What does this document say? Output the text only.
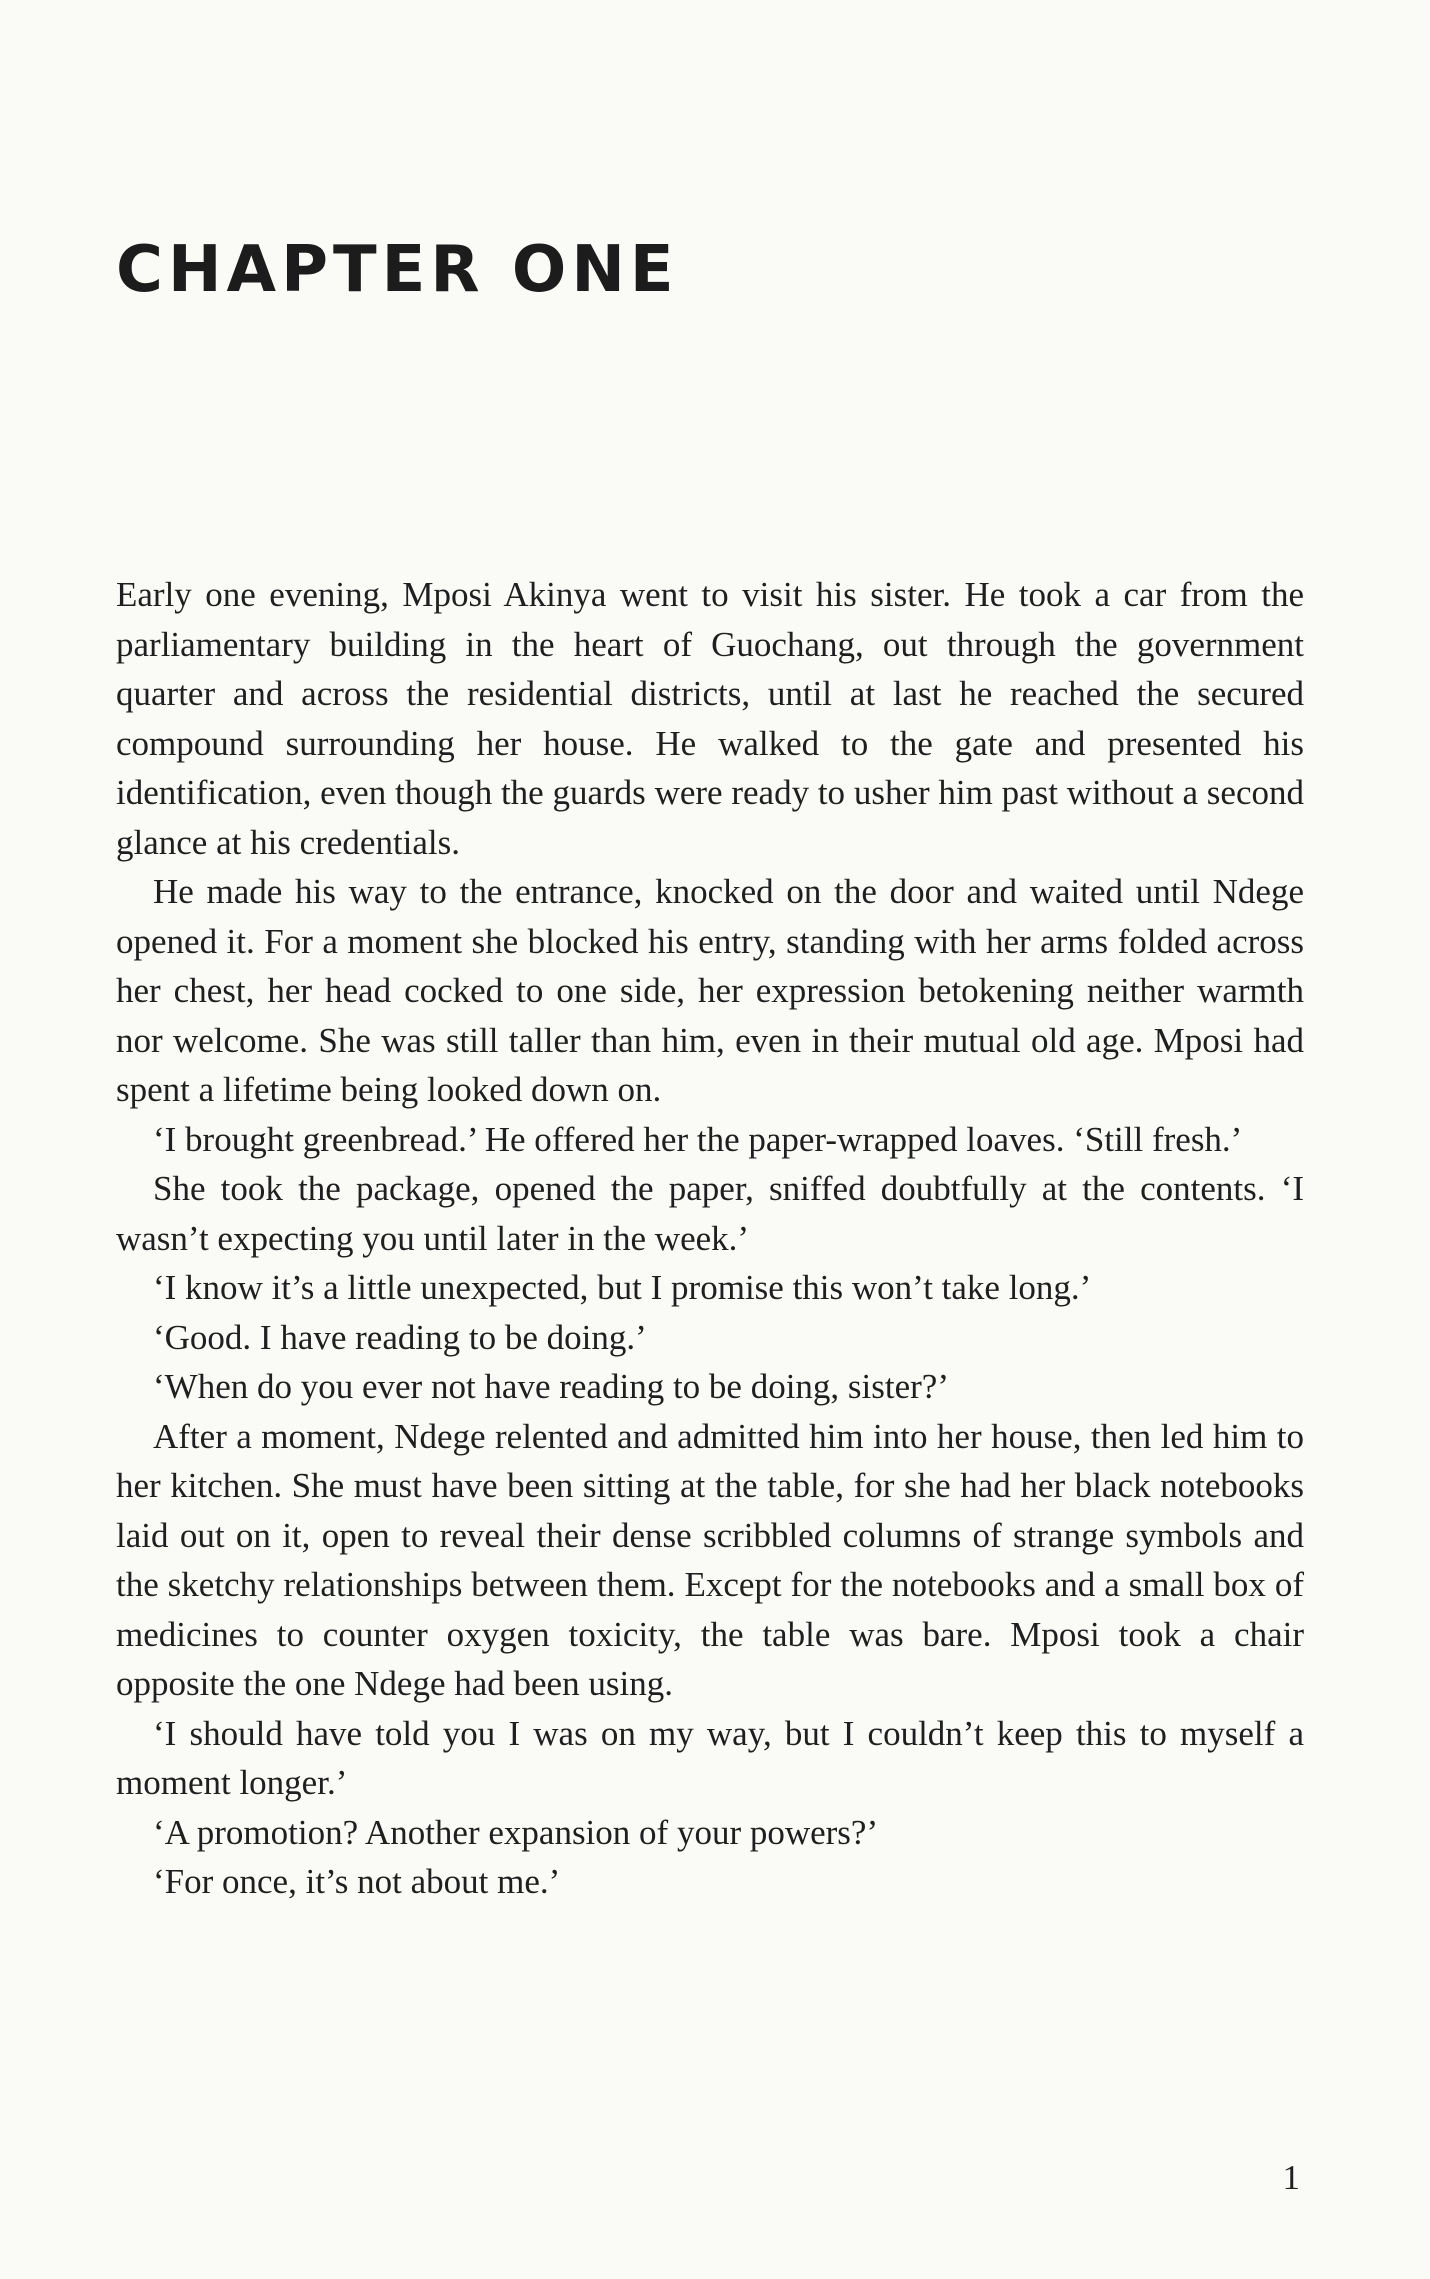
CHAPTER ONE

Early one evening, Mposi Akinya went to visit his sister. He took a car from the parliamentary building in the heart of Guochang, out through the government quarter and across the residential districts, until at last he reached the secured compound surrounding her house. He walked to the gate and presented his identification, even though the guards were ready to usher him past without a second glance at his credentials.

He made his way to the entrance, knocked on the door and waited until Ndege opened it. For a moment she blocked his entry, standing with her arms folded across her chest, her head cocked to one side, her expression betokening neither warmth nor welcome. She was still taller than him, even in their mutual old age. Mposi had spent a lifetime being looked down on.

‘I brought greenbread.’ He offered her the paper-wrapped loaves. ‘Still fresh.’

She took the package, opened the paper, sniffed doubtfully at the contents. ‘I wasn’t expecting you until later in the week.’

‘I know it’s a little unexpected, but I promise this won’t take long.’

‘Good. I have reading to be doing.’

‘When do you ever not have reading to be doing, sister?’

After a moment, Ndege relented and admitted him into her house, then led him to her kitchen. She must have been sitting at the table, for she had her black notebooks laid out on it, open to reveal their dense scribbled columns of strange symbols and the sketchy relationships between them. Except for the notebooks and a small box of medicines to counter oxygen toxicity, the table was bare. Mposi took a chair opposite the one Ndege had been using.

‘I should have told you I was on my way, but I couldn’t keep this to myself a moment longer.’

‘A promotion? Another expansion of your powers?’

‘For once, it’s not about me.’

1
